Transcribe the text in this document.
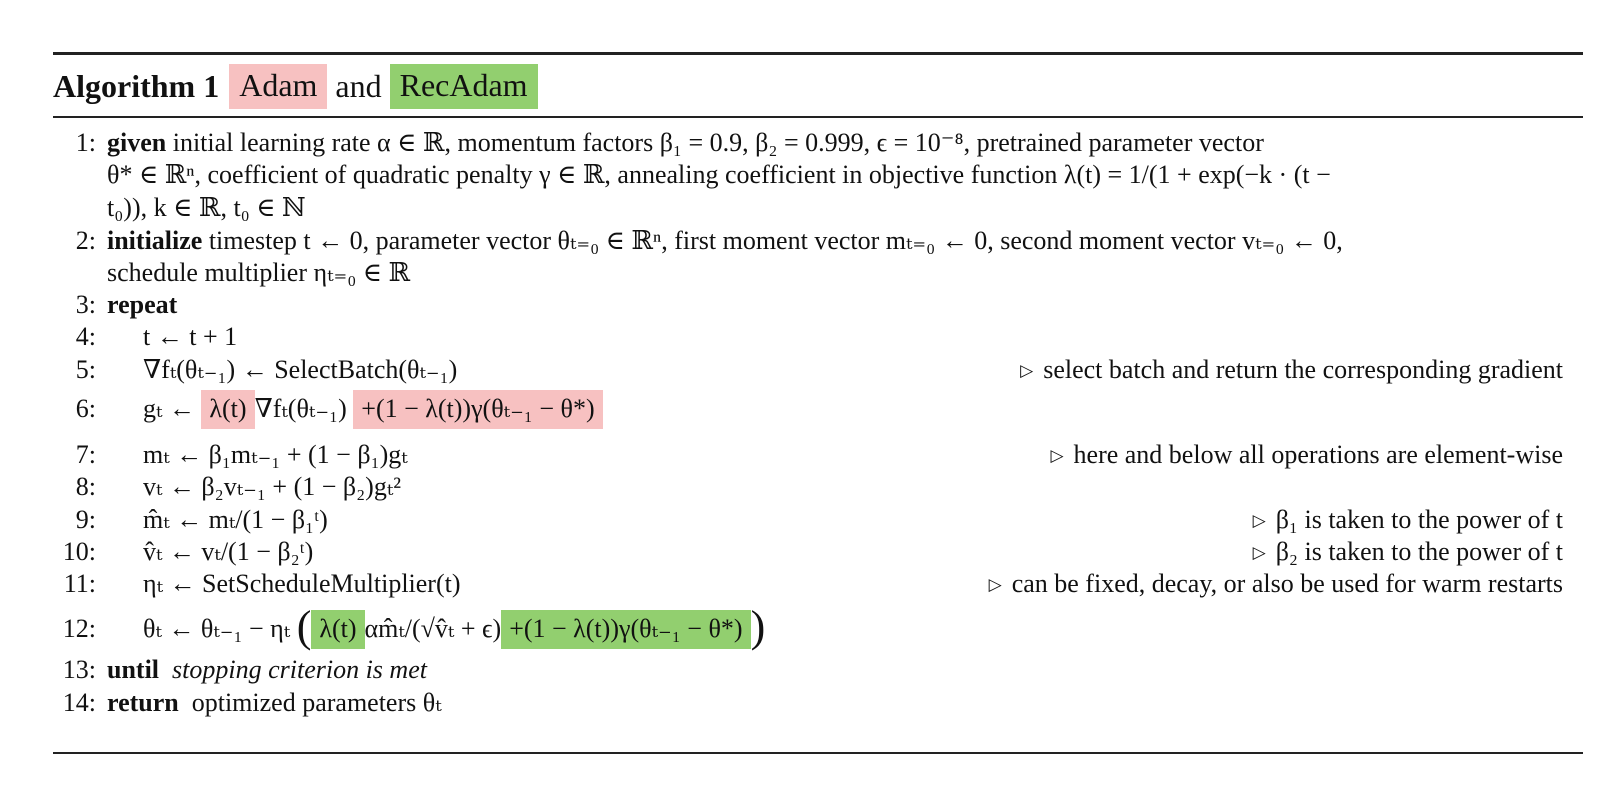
Algorithm 1 Adam and RecAdam
1: given initial learning rate α ∈ ℝ, momentum factors β₁ = 0.9, β₂ = 0.999, ϵ = 10⁻⁸, pretrained parameter vector
θ* ∈ ℝⁿ, coefficient of quadratic penalty γ ∈ ℝ, annealing coefficient in objective function λ(t) = 1/(1 + exp(−k · (t −
t₀)), k ∈ ℝ, t₀ ∈ ℕ
2: initialize timestep t ← 0, parameter vector θₜ₌₀ ∈ ℝⁿ, first moment vector mₜ₌₀ ← 0, second moment vector vₜ₌₀ ← 0,
schedule multiplier ηₜ₌₀ ∈ ℝ
3: repeat
4: t ← t + 1
5: ∇fₜ(θₜ₋₁) ← SelectBatch(θₜ₋₁)	▷ select batch and return the corresponding gradient
6: gₜ ← λ(t) ∇fₜ(θₜ₋₁) +(1 − λ(t))γ(θₜ₋₁ − θ*)
7: mₜ ← β₁mₜ₋₁ + (1 − β₁)gₜ	▷ here and below all operations are element-wise
8: vₜ ← β₂vₜ₋₁ + (1 − β₂)gₜ²
9: m̂ₜ ← mₜ/(1 − β₁ᵗ)	▷ β₁ is taken to the power of t
10: v̂ₜ ← vₜ/(1 − β₂ᵗ)	▷ β₂ is taken to the power of t
11: ηₜ ← SetScheduleMultiplier(t)	▷ can be fixed, decay, or also be used for warm restarts
12: θₜ ← θₜ₋₁ − ηₜ ( λ(t) αm̂ₜ/(√v̂ₜ + ϵ) +(1 − λ(t))γ(θₜ₋₁ − θ*) )
13: until stopping criterion is met
14: return optimized parameters θₜ
